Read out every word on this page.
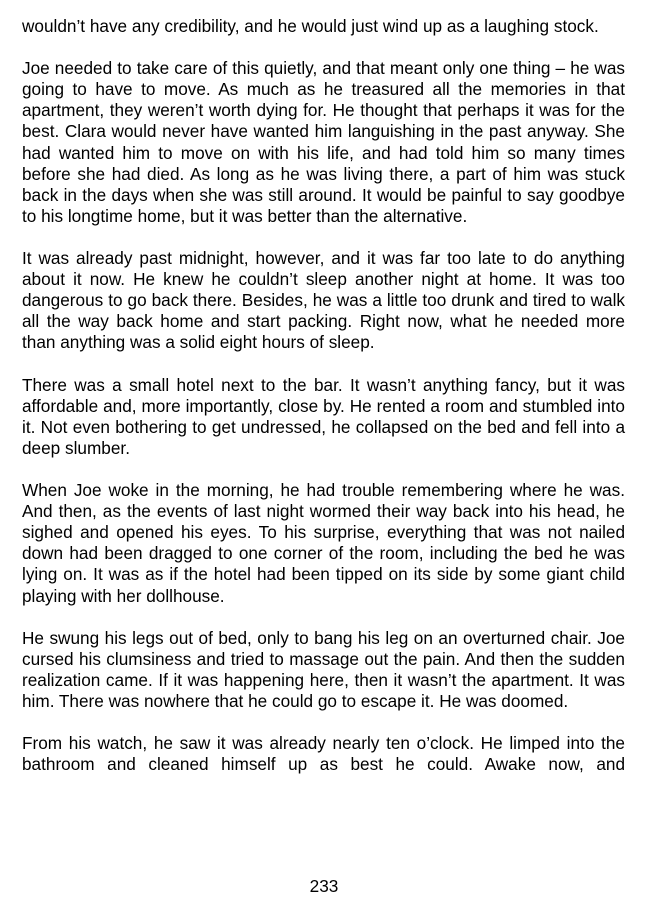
wouldn’t have any credibility, and he would just wind up as a laughing stock.

Joe needed to take care of this quietly, and that meant only one thing – he was going to have to move. As much as he treasured all the memories in that apartment, they weren’t worth dying for. He thought that perhaps it was for the best. Clara would never have wanted him languishing in the past anyway. She had wanted him to move on with his life, and had told him so many times before she had died. As long as he was living there, a part of him was stuck back in the days when she was still around. It would be painful to say goodbye to his longtime home, but it was better than the alternative.

It was already past midnight, however, and it was far too late to do anything about it now. He knew he couldn’t sleep another night at home. It was too dangerous to go back there. Besides, he was a little too drunk and tired to walk all the way back home and start packing. Right now, what he needed more than anything was a solid eight hours of sleep.

There was a small hotel next to the bar. It wasn’t anything fancy, but it was affordable and, more importantly, close by. He rented a room and stumbled into it. Not even bothering to get undressed, he collapsed on the bed and fell into a deep slumber.

When Joe woke in the morning, he had trouble remembering where he was. And then, as the events of last night wormed their way back into his head, he sighed and opened his eyes. To his surprise, everything that was not nailed down had been dragged to one corner of the room, including the bed he was lying on. It was as if the hotel had been tipped on its side by some giant child playing with her dollhouse.

He swung his legs out of bed, only to bang his leg on an overturned chair. Joe cursed his clumsiness and tried to massage out the pain. And then the sudden realization came. If it was happening here, then it wasn’t the apartment. It was him. There was nowhere that he could go to escape it. He was doomed.

From his watch, he saw it was already nearly ten o’clock. He limped into the bathroom and cleaned himself up as best he could. Awake now, and

233
